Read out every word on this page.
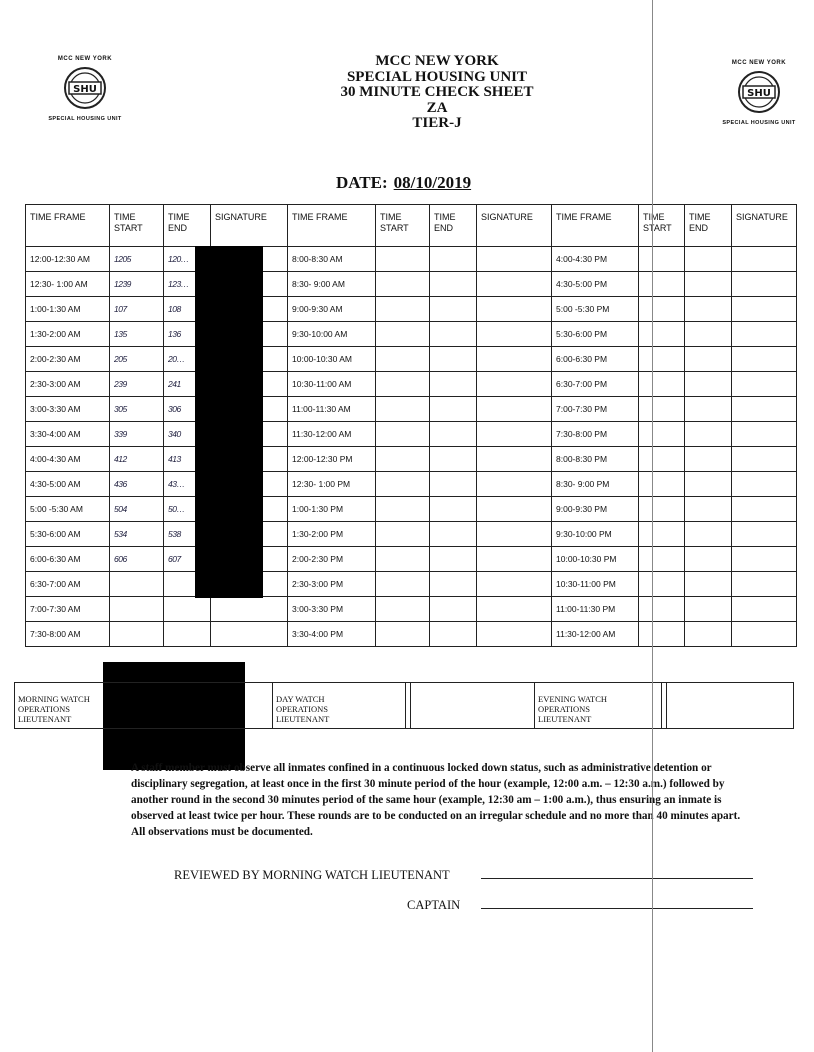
MCC NEW YORK
SHU
SPECIAL HOUSING UNIT
MCC NEW YORK
SHU
SPECIAL HOUSING UNIT
MCC NEW YORK
SPECIAL HOUSING UNIT
30 MINUTE CHECK SHEET
ZA
TIER-J
DATE: 08/10/2019
TIME FRAME	TIME START	TIME END	SIGNATURE	TIME FRAME	TIME START	TIME END	SIGNATURE	TIME FRAME	TIME START	TIME END	SIGNATURE
12:00-12:30 AM	1205	120…		8:00-8:30 AM				4:00-4:30 PM			
12:30- 1:00 AM	1239	123…		8:30- 9:00 AM				4:30-5:00 PM			
1:00-1:30 AM	107	108		9:00-9:30 AM				5:00 -5:30 PM			
1:30-2:00 AM	135	136		9:30-10:00 AM				5:30-6:00 PM			
2:00-2:30 AM	205	20…		10:00-10:30 AM				6:00-6:30 PM			
2:30-3:00 AM	239	241		10:30-11:00 AM				6:30-7:00 PM			
3:00-3:30 AM	305	306		11:00-11:30 AM				7:00-7:30 PM			
3:30-4:00 AM	339	340		11:30-12:00 AM				7:30-8:00 PM			
4:00-4:30 AM	412	413		12:00-12:30 PM				8:00-8:30 PM			
4:30-5:00 AM	436	43…		12:30- 1:00 PM				8:30- 9:00 PM			
5:00 -5:30 AM	504	50…		1:00-1:30 PM				9:00-9:30 PM			
5:30-6:00 AM	534	538		1:30-2:00 PM				9:30-10:00 PM			
6:00-6:30 AM	606	607		2:00-2:30 PM				10:00-10:30 PM			
6:30-7:00 AM				2:30-3:00 PM				10:30-11:00 PM			
7:00-7:30 AM				3:00-3:30 PM				11:00-11:30 PM			
7:30-8:00 AM				3:30-4:00 PM				11:30-12:00 AM			
MORNING WATCH OPERATIONS LIEUTENANT
DAY WATCH OPERATIONS LIEUTENANT
EVENING WATCH OPERATIONS LIEUTENANT
A staff member must observe all inmates confined in a continuous locked down status, such as administrative detention or disciplinary segregation, at least once in the first 30 minute period of the hour (example, 12:00 a.m. – 12:30 a.m.) followed by another round in the second 30 minutes period of the same hour (example, 12:30 am – 1:00 a.m.), thus ensuring an inmate is observed at least twice per hour. These rounds are to be conducted on an irregular schedule and no more than 40 minutes apart. All observations must be documented.
REVIEWED BY MORNING WATCH LIEUTENANT
CAPTAIN
